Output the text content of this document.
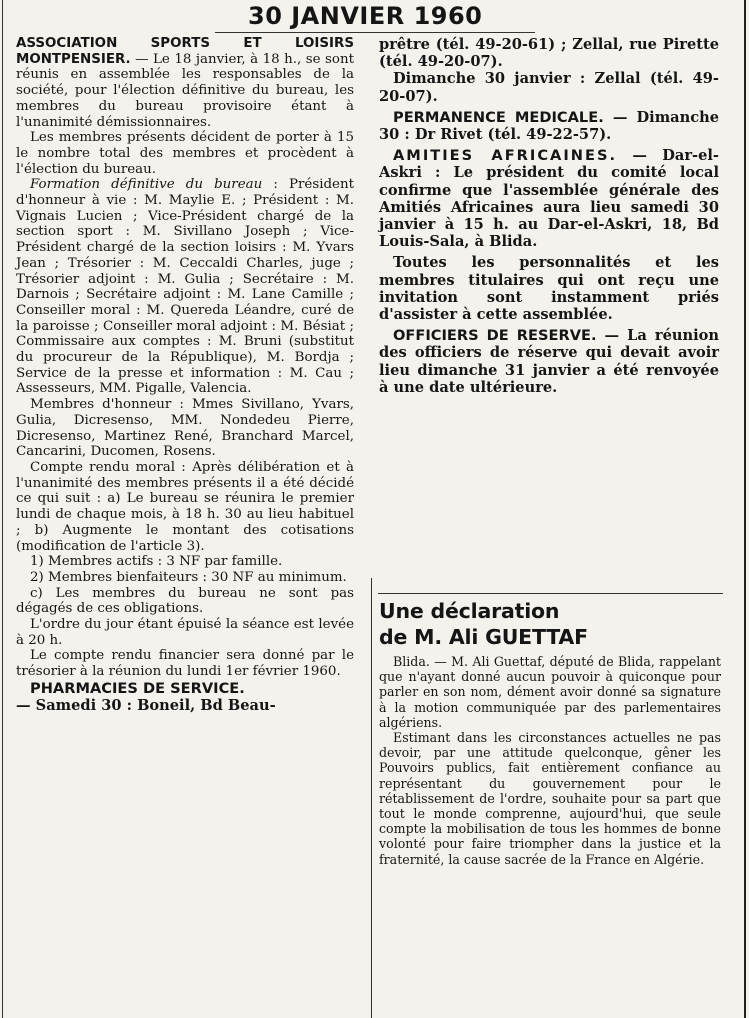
30 JANVIER 1960

ASSOCIATION SPORTS ET LOISIRS MONTPENSIER. — Le 18 janvier, à 18 h., se sont réunis en assemblée les responsables de la société, pour l'élection définitive du bureau, les membres du bureau provisoire étant à l'unanimité démissionnaires.

Les membres présents décident de porter à 15 le nombre total des membres et procèdent à l'élection du bureau.

Formation définitive du bureau : Président d'honneur à vie : M. Maylie E. ; Président : M. Vignais Lucien ; Vice-Président chargé de la section sport : M. Sivillano Joseph ; Vice-Président chargé de la section loisirs : M. Yvars Jean ; Trésorier : M. Ceccaldi Charles, juge ; Trésorier adjoint : M. Gulia ; Secrétaire : M. Darnois ; Secrétaire adjoint : M. Lane Camille ; Conseiller moral : M. Quereda Léandre, curé de la paroisse ; Conseiller moral adjoint : M. Bésiat ; Commissaire aux comptes : M. Bruni (substitut du procureur de la République), M. Bordja ; Service de la presse et information : M. Cau ; Assesseurs, MM. Pigalle, Valencia.

Membres d'honneur : Mmes Sivillano, Yvars, Gulia, Dicresenso, MM. Nondedeu Pierre, Dicresenso, Martinez René, Branchard Marcel, Cancarini, Ducomen, Rosens.

Compte rendu moral : Après délibération et à l'unanimité des membres présents il a été décidé ce qui suit : a) Le bureau se réunira le premier lundi de chaque mois, à 18 h. 30 au lieu habituel ; b) Augmente le montant des cotisations (modification de l'article 3).

1) Membres actifs : 3 NF par famille.

2) Membres bienfaiteurs : 30 NF au minimum.

c) Les membres du bureau ne sont pas dégagés de ces obligations.

L'ordre du jour étant épuisé la séance est levée à 20 h.

Le compte rendu financier sera donné par le trésorier à la réunion du lundi 1er février 1960.

PHARMACIES DE SERVICE.

— Samedi 30 : Boneil, Bd Beau-

prêtre (tél. 49-20-61) ; Zellal, rue Pirette (tél. 49-20-07).

Dimanche 30 janvier : Zellal (tél. 49-20-07).

PERMANENCE MEDICALE. — Dimanche 30 : Dr Rivet (tél. 49-22-57).

AMITIES AFRICAINES. — Dar-el-Askri : Le président du comité local confirme que l'assemblée générale des Amitiés Africaines aura lieu samedi 30 janvier à 15 h. au Dar-el-Askri, 18, Bd Louis-Sala, à Blida.

Toutes les personnalités et les membres titulaires qui ont reçu une invitation sont instamment priés d'assister à cette assemblée.

OFFICIERS DE RESERVE. — La réunion des officiers de réserve qui devait avoir lieu dimanche 31 janvier a été renvoyée à une date ultérieure.

Une déclaration
de M. Ali GUETTAF

Blida. — M. Ali Guettaf, député de Blida, rappelant que n'ayant donné aucun pouvoir à quiconque pour parler en son nom, dément avoir donné sa signature à la motion communiquée par des parlementaires algériens.

Estimant dans les circonstances actuelles ne pas devoir, par une attitude quelconque, gêner les Pouvoirs publics, fait entièrement confiance au représentant du gouvernement pour le rétablissement de l'ordre, souhaite pour sa part que tout le monde comprenne, aujourd'hui, que seule compte la mobilisation de tous les hommes de bonne volonté pour faire triompher dans la justice et la fraternité, la cause sacrée de la France en Algérie.
